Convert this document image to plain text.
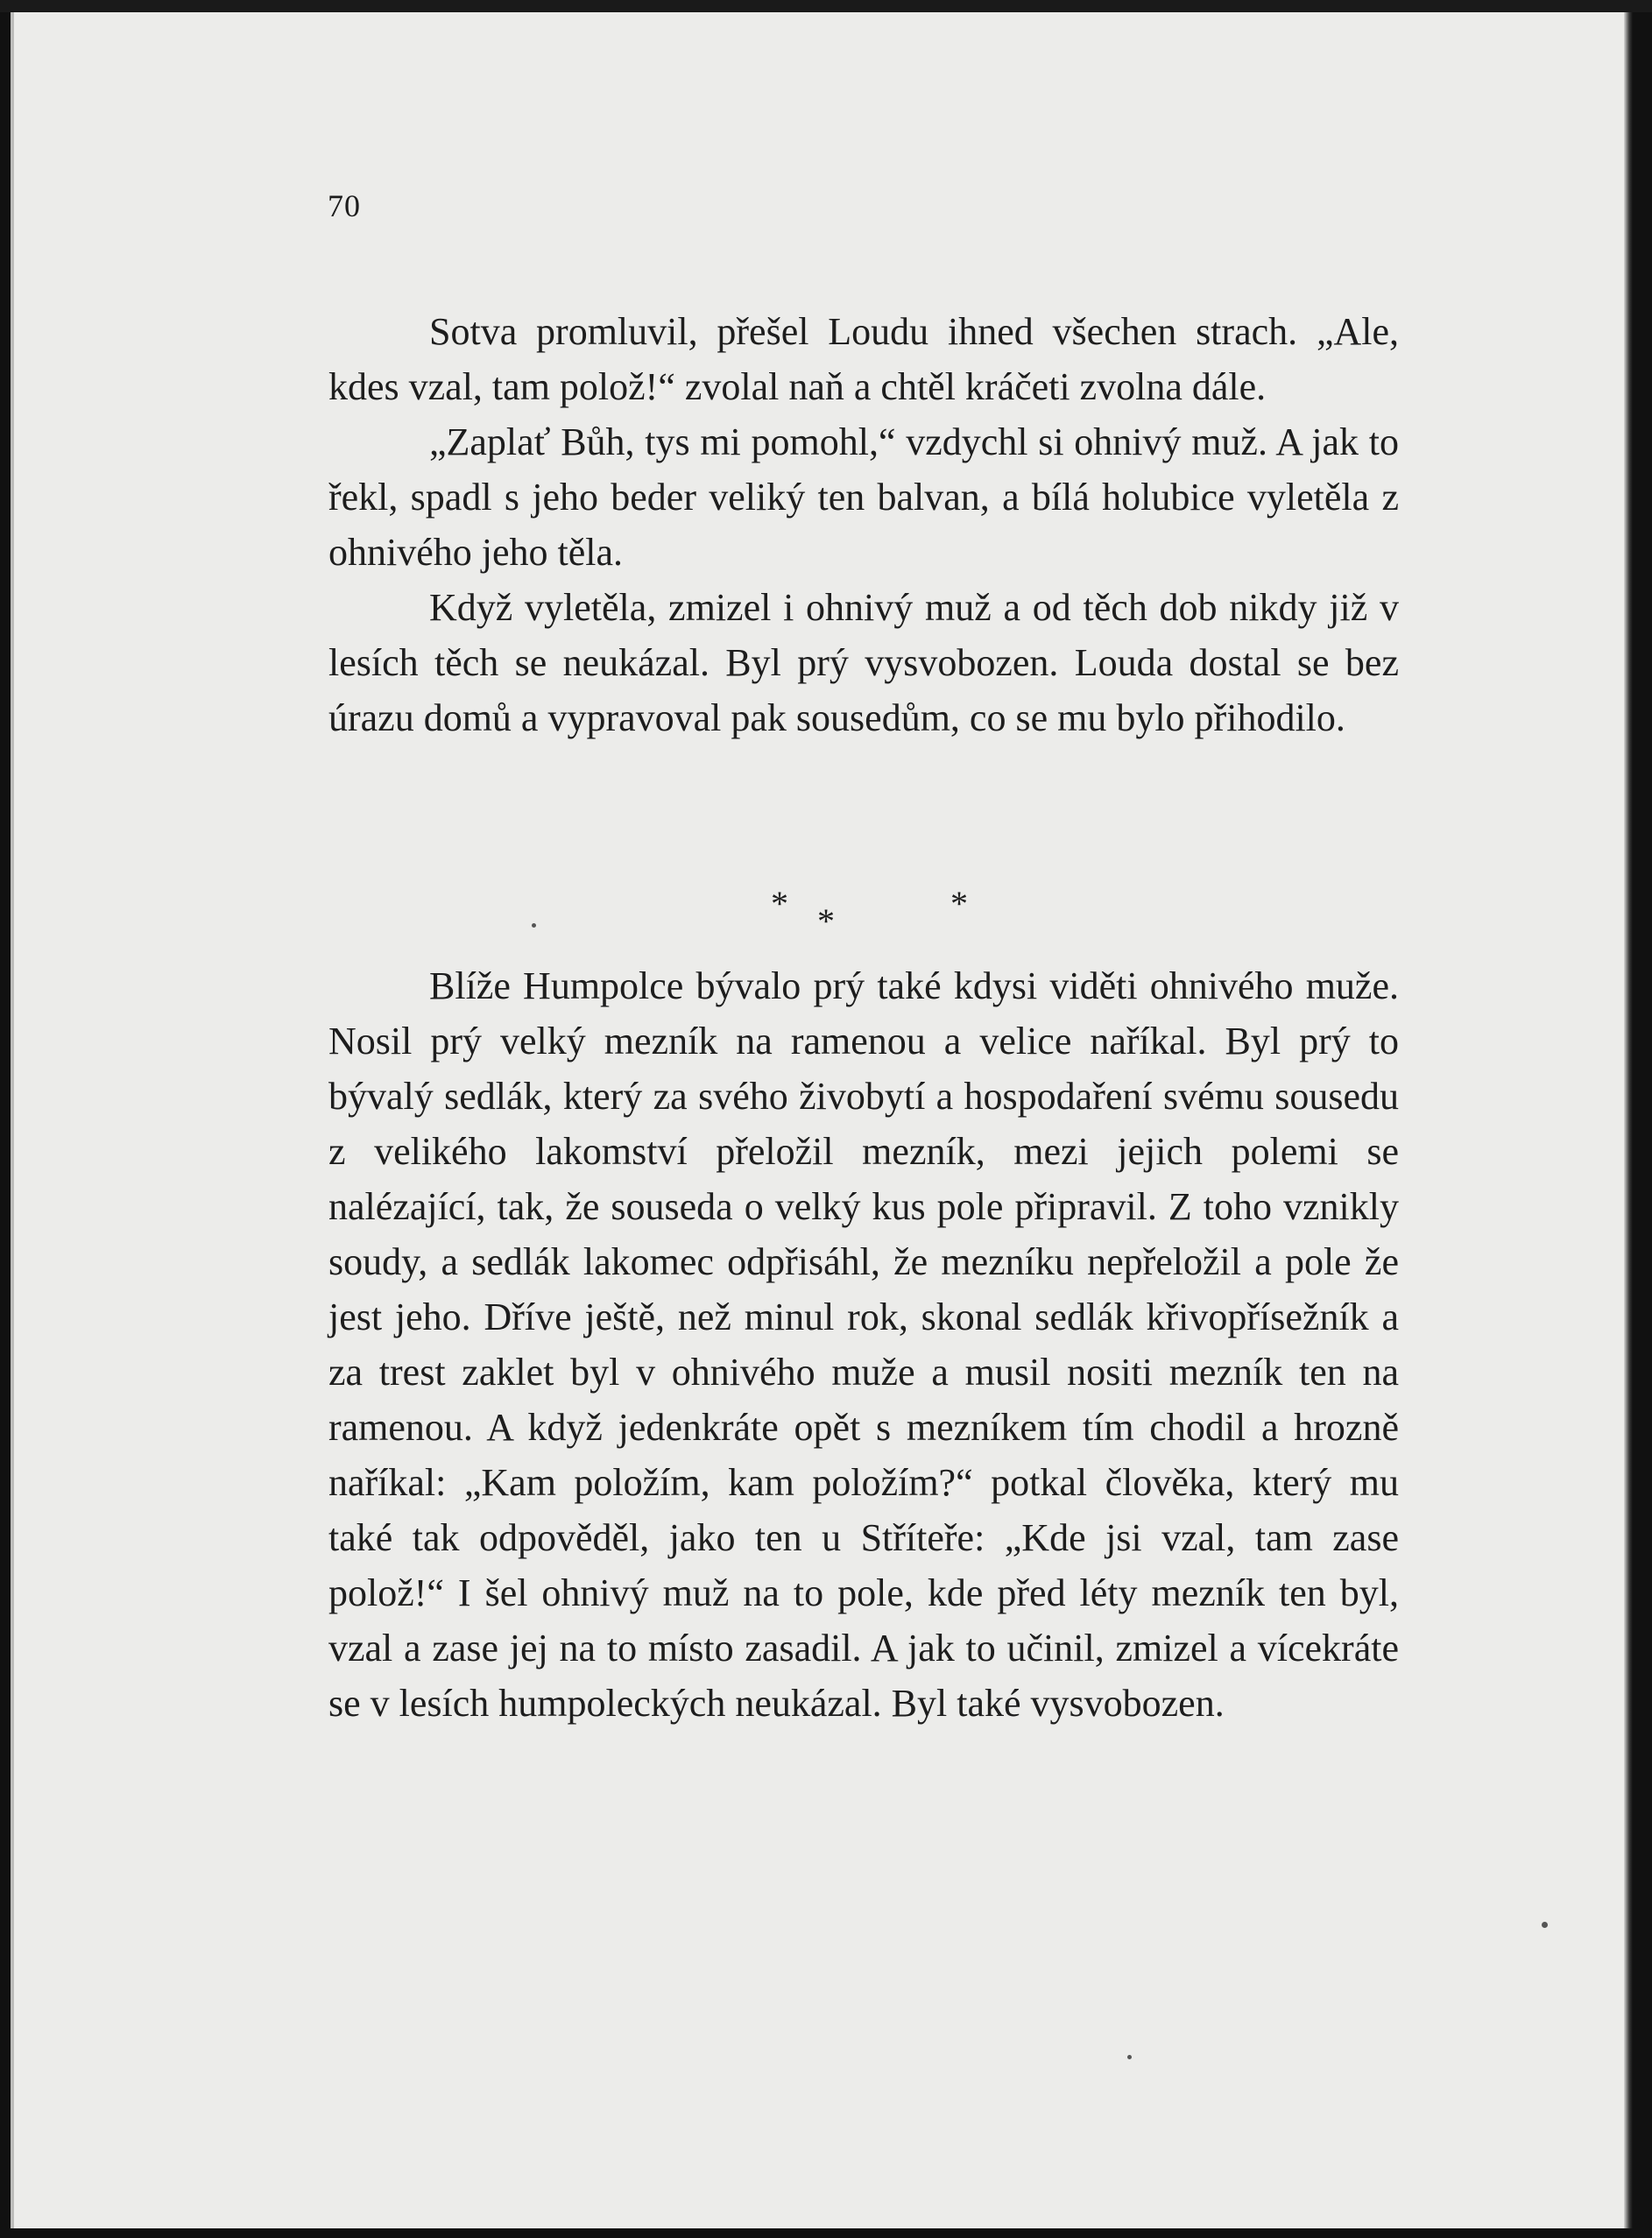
70

Sotva promluvil, přešel Loudu ihned všechen strach. „Ale, kdes vzal, tam polož!“ zvolal naň a chtěl kráčeti zvolna dále.

„Zaplať Bůh, tys mi pomohl,“ vzdychl si ohnivý muž. A jak to řekl, spadl s jeho beder veliký ten balvan, a bílá holubice vyletěla z ohnivého jeho těla.

Když vyletěla, zmizel i ohnivý muž a od těch dob nikdy již v lesích těch se neukázal. Byl prý vysvobozen. Louda dostal se bez úrazu domů a vypravoval pak sousedům, co se mu bylo přihodilo.

* *	*

Blíže Humpolce bývalo prý také kdysi viděti ohnivého muže. Nosil prý velký mezník na ramenou a velice naříkal. Byl prý to bývalý sedlák, který za svého živobytí a hospodaření svému sousedu z velikého lakomství přeložil mezník, mezi jejich polemi se nalézající, tak, že souseda o velký kus pole připravil. Z toho vznikly soudy, a sedlák lakomec odpřisáhl, že mezníku nepřeložil a pole že jest jeho. Dříve ještě, než minul rok, skonal sedlák křivopřísežník a za trest zaklet byl v ohnivého muže a musil nositi mezník ten na ramenou. A když jedenkráte opět s mezníkem tím chodil a hrozně naříkal: „Kam položím, kam položím?“ potkal člověka, který mu také tak odpověděl, jako ten u Stříteře: „Kde jsi vzal, tam zase polož!“ I šel ohnivý muž na to pole, kde před léty mezník ten byl, vzal a zase jej na to místo zasadil. A jak to učinil, zmizel a vícekráte se v lesích humpoleckých neukázal. Byl také vysvobozen.
